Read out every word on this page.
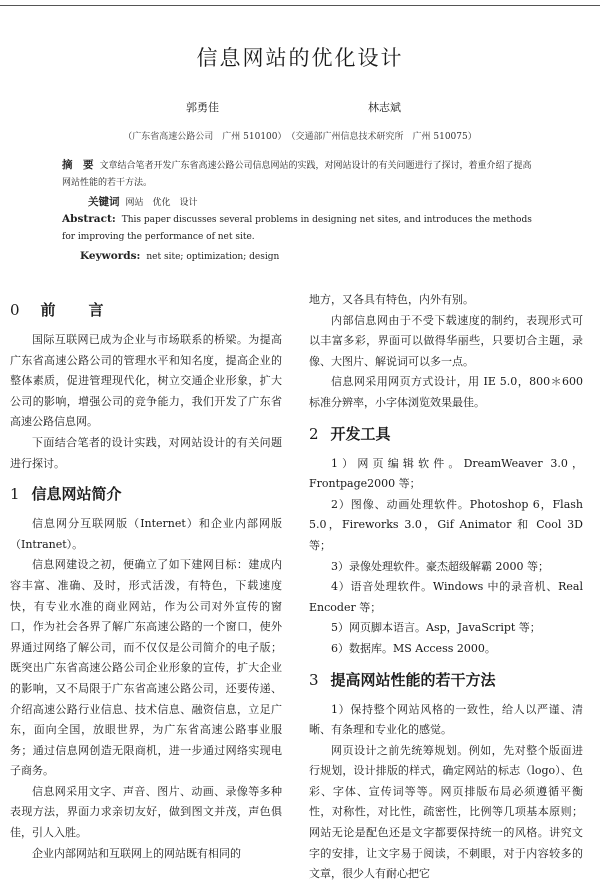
信息网站的优化设计
郭勇佳	林志斌
（广东省高速公路公司　广州 510100）　（交通部广州信息技术研究所　广州 510075）
摘　要 文章结合笔者开发广东省高速公路公司信息网站的实践，对网站设计的有关问题进行了探讨，着重介绍了提高网站性能的若干方法。
关键词 网站　优化　设计
Abstract: This paper discusses several problems in designing net sites, and introduces the methods for improving the performance of net site.
Keywords: net site; optimization; design
0 前　言

国际互联网已成为企业与市场联系的桥梁。为提高广东省高速公路公司的管理水平和知名度，提高企业的整体素质，促进管理现代化，树立交通企业形象，扩大公司的影响，增强公司的竞争能力，我们开发了广东省高速公路信息网。

下面结合笔者的设计实践，对网站设计的有关问题进行探讨。

1 信息网站简介

信息网分互联网版（Internet）和企业内部网版（Intranet）。

信息网建设之初，便确立了如下建网目标：建成内容丰富、准确、及时，形式活泼，有特色，下载速度快，有专业水准的商业网站，作为公司对外宣传的窗口，作为社会各界了解广东高速公路的一个窗口，使外界通过网络了解公司，而不仅仅是公司简介的电子版；既突出广东省高速公路公司企业形象的宣传，扩大企业的影响，又不局限于广东省高速公路公司，还要传递、介绍高速公路行业信息、技术信息、融资信息，立足广东，面向全国，放眼世界，为广东省高速公路事业服务；通过信息网创造无限商机，进一步通过网络实现电子商务。

信息网采用文字、声音、图片、动画、录像等多种表现方法，界面力求亲切友好，做到图文并茂，声色俱佳，引人入胜。

企业内部网站和互联网上的网站既有相同的

地方，又各具有特色，内外有别。

内部信息网由于不受下载速度的制约，表现形式可以丰富多彩，界面可以做得华丽些，只要切合主题，录像、大图片、解说词可以多一点。

信息网采用网页方式设计，用 IE 5.0，800＊600 标准分辨率，小字体浏览效果最佳。

2 开发工具

1）网页编辑软件。DreamWeaver 3.0，Frontpage2000 等；

2）图像、动画处理软件。Photoshop 6，Flash 5.0，Fireworks 3.0，Gif Animator 和 Cool 3D 等；

3）录像处理软件。豪杰超级解霸 2000 等；

4）语音处理软件。Windows 中的录音机、Real Encoder 等；

5）网页脚本语言。Asp，JavaScript 等；

6）数据库。MS Access 2000。

3 提高网站性能的若干方法

1）保持整个网站风格的一致性，给人以严谨、清晰、有条理和专业化的感觉。

网页设计之前先统筹规划。例如，先对整个版面进行规划，设计排版的样式，确定网站的标志（logo）、色彩、字体、宣传词等等。网页排版布局必须遵循平衡性，对称性，对比性，疏密性，比例等几项基本原则；网站无论是配色还是文字都要保持统一的风格。讲究文字的安排，让文字易于阅读，不刺眼，对于内容较多的文章，很少人有耐心把它
